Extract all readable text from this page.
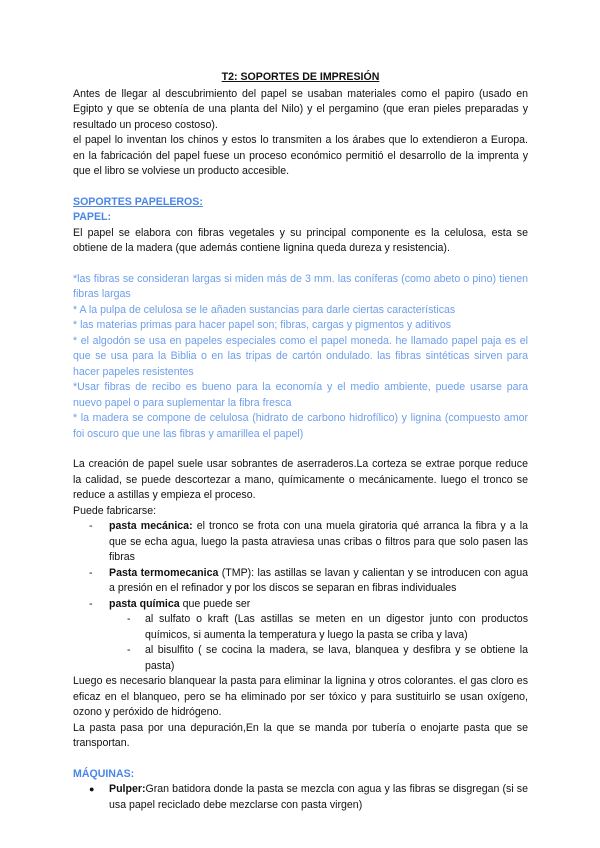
T2: SOPORTES DE IMPRESIÓN

Antes de llegar al descubrimiento del papel se usaban materiales como el papiro (usado en Egipto y que se obtenía de una planta del Nilo) y el pergamino (que eran pieles preparadas y resultado un proceso costoso).

el papel lo inventan los chinos y estos lo transmiten a los árabes que lo extendieron a Europa. en la fabricación del papel fuese un proceso económico permitió el desarrollo de la imprenta y que el libro se volviese un producto accesible.

SOPORTES PAPELEROS:
PAPEL:

El papel se elabora con fibras vegetales y su principal componente es la celulosa, esta se obtiene de la madera (que además contiene lignina queda dureza y resistencia).

*las fibras se consideran largas si miden más de 3 mm. las coníferas (como abeto o pino) tienen fibras largas
* A la pulpa de celulosa se le añaden sustancias para darle ciertas características
* las materias primas para hacer papel son; fibras, cargas y pigmentos y aditivos
* el algodón se usa en papeles especiales como el papel moneda. he llamado papel paja es el que se usa para la Biblia o en las tripas de cartón ondulado. las fibras sintéticas sirven para hacer papeles resistentes
*Usar fibras de recibo es bueno para la economía y el medio ambiente, puede usarse para nuevo papel o para suplementar la fibra fresca
* la madera se compone de celulosa (hidrato de carbono hidrofílico) y lignina (compuesto amor foi oscuro que une las fibras y amarillea el papel)

La creación de papel suele usar sobrantes de aserraderos.La corteza se extrae porque reduce la calidad, se puede descortezar a mano, químicamente o mecánicamente. luego el tronco se reduce a astillas y empieza el proceso.

Puede fabricarse:
- pasta mecánica: el tronco se frota con una muela giratoria qué arranca la fibra y a la que se echa agua, luego la pasta atraviesa unas cribas o filtros para que solo pasen las fibras
- Pasta termomecanica (TMP): las astillas se lavan y calientan y se introducen con agua a presión en el refinador y por los discos se separan en fibras individuales
- pasta química que puede ser
- al sulfato o kraft (Las astillas se meten en un digestor junto con productos químicos, si aumenta la temperatura y luego la pasta se criba y lava)
- al bisulfito ( se cocina la madera, se lava, blanquea y desfibra y se obtiene la pasta)

Luego es necesario blanquear la pasta para eliminar la lignina y otros colorantes. el gas cloro es eficaz en el blanqueo, pero se ha eliminado por ser tóxico y para sustituirlo se usan oxígeno, ozono y peróxido de hidrógeno.

La pasta pasa por una depuración,En la que se manda por tubería o enojarte pasta que se transportan.

MÁQUINAS:
● Pulper:Gran batidora donde la pasta se mezcla con agua y las fibras se disgregan (si se usa papel reciclado debe mezclarse con pasta virgen)
